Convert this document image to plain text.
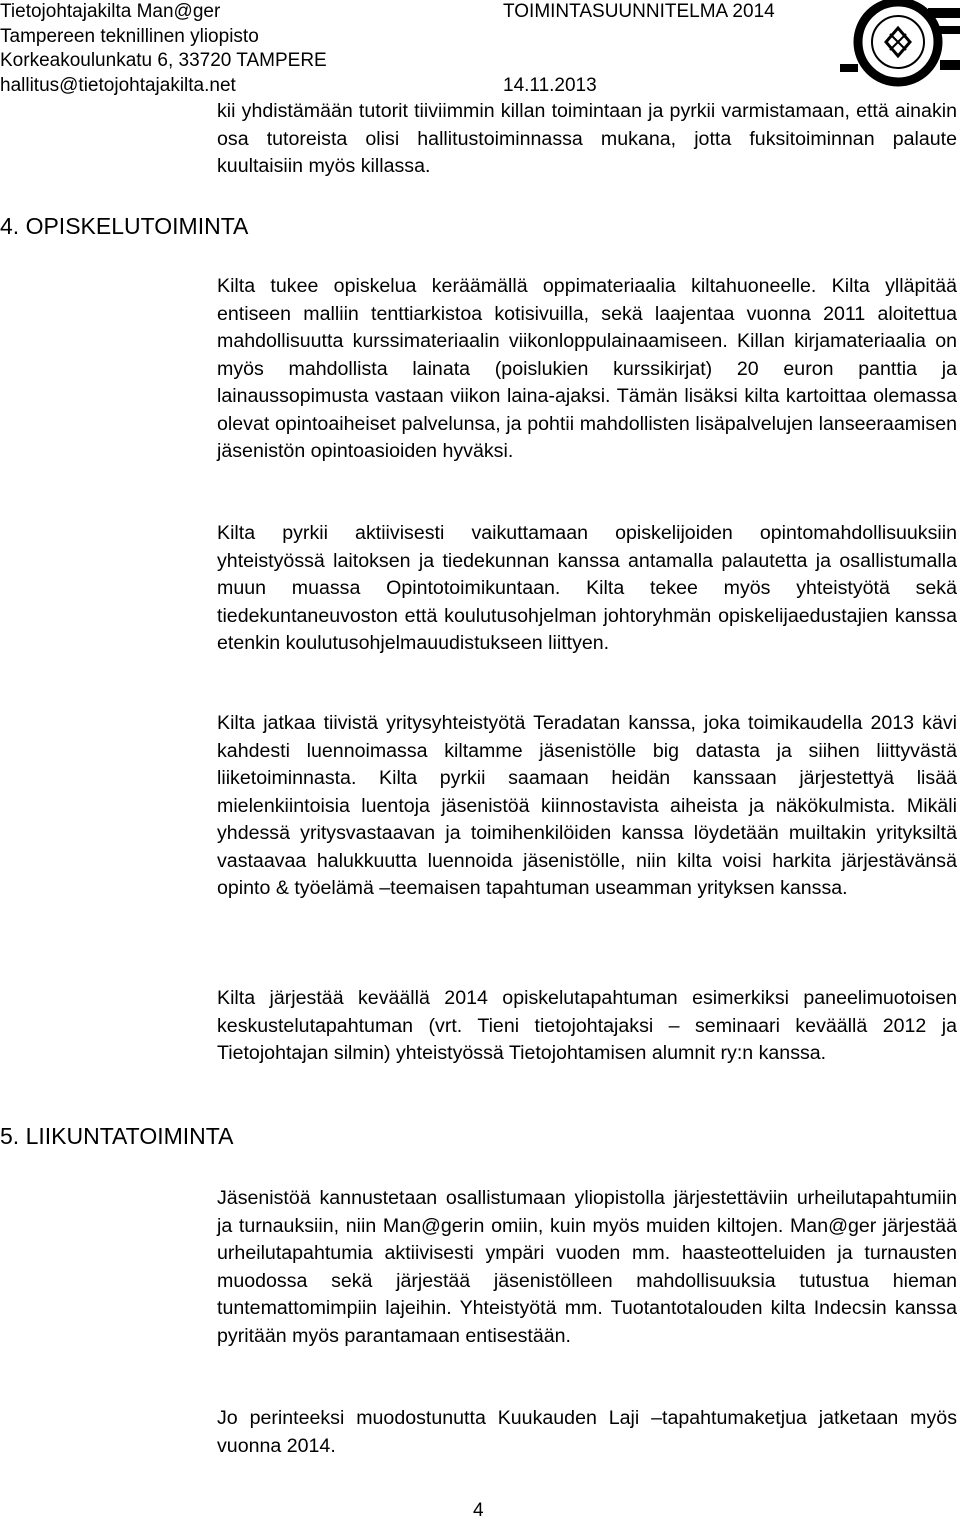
Tietojohtajakilta Man@ger
Tampereen teknillinen yliopisto
Korkeakoulunkatu 6, 33720 TAMPERE
hallitus@tietojohtajakilta.net
TOIMINTASUUNNITELMA 2014
14.11.2013

kii yhdistämään tutorit tiiviimmin killan toimintaan ja pyrkii varmistamaan, että ainakin osa tutoreista olisi hallitustoiminnassa mukana, jotta fuksitoiminnan palaute kuultaisiin myös killassa.

4. OPISKELUTOIMINTA

Kilta tukee opiskelua keräämällä oppimateriaalia kiltahuoneelle. Kilta ylläpitää entiseen malliin tenttiarkistoa kotisivuilla, sekä laajentaa vuonna 2011 aloitettua mahdollisuutta kurssimateriaalin viikonloppulainaamiseen. Killan kirjamateriaalia on myös mahdollista lainata (poislukien kurssikirjat) 20 euron panttia ja lainaussopimusta vastaan viikon laina-ajaksi. Tämän lisäksi kilta kartoittaa olemassa olevat opintoaiheiset palvelunsa, ja pohtii mahdollisten lisäpalvelujen lanseeraamisen jäsenistön opintoasioiden hyväksi.

Kilta pyrkii aktiivisesti vaikuttamaan opiskelijoiden opintomahdollisuuksiin yhteistyössä laitoksen ja tiedekunnan kanssa antamalla palautetta ja osallistumalla muun muassa Opintotoimikuntaan. Kilta tekee myös yhteistyötä sekä tiedekuntaneuvoston että koulutusohjelman johtoryhmän opiskelijaedustajien kanssa etenkin koulutusohjelmauudistukseen liittyen.

Kilta jatkaa tiivistä yritysyhteistyötä Teradatan kanssa, joka toimikaudella 2013 kävi kahdesti luennoimassa kiltamme jäsenistölle big datasta ja siihen liittyvästä liiketoiminnasta. Kilta pyrkii saamaan heidän kanssaan järjestettyä lisää mielenkiintoisia luentoja jäsenistöä kiinnostavista aiheista ja näkökulmista. Mikäli yhdessä yritysvastaavan ja toimihenkilöiden kanssa löydetään muiltakin yrityksiltä vastaavaa halukkuutta luennoida jäsenistölle, niin kilta voisi harkita järjestävänsä opinto & työelämä –teemaisen tapahtuman useamman yrityksen kanssa.

Kilta järjestää keväällä 2014 opiskelutapahtuman esimerkiksi paneelimuotoisen keskustelutapahtuman (vrt. Tieni tietojohtajaksi – seminaari keväällä 2012 ja Tietojohtajan silmin) yhteistyössä Tietojohtamisen alumnit ry:n kanssa.

5. LIIKUNTATOIMINTA

Jäsenistöä kannustetaan osallistumaan yliopistolla järjestettäviin urheilutapahtumiin ja turnauksiin, niin Man@gerin omiin, kuin myös muiden kiltojen. Man@ger järjestää urheilutapahtumia aktiivisesti ympäri vuoden mm. haasteotteluiden ja turnausten muodossa sekä järjestää jäsenistölleen mahdollisuuksia tutustua hieman tuntemattomimpiin lajeihin. Yhteistyötä mm. Tuotantotalouden kilta Indecsin kanssa pyritään myös parantamaan entisestään.

Jo perinteeksi muodostunutta Kuukauden Laji –tapahtumaketjua jatketaan myös vuonna 2014.

4
